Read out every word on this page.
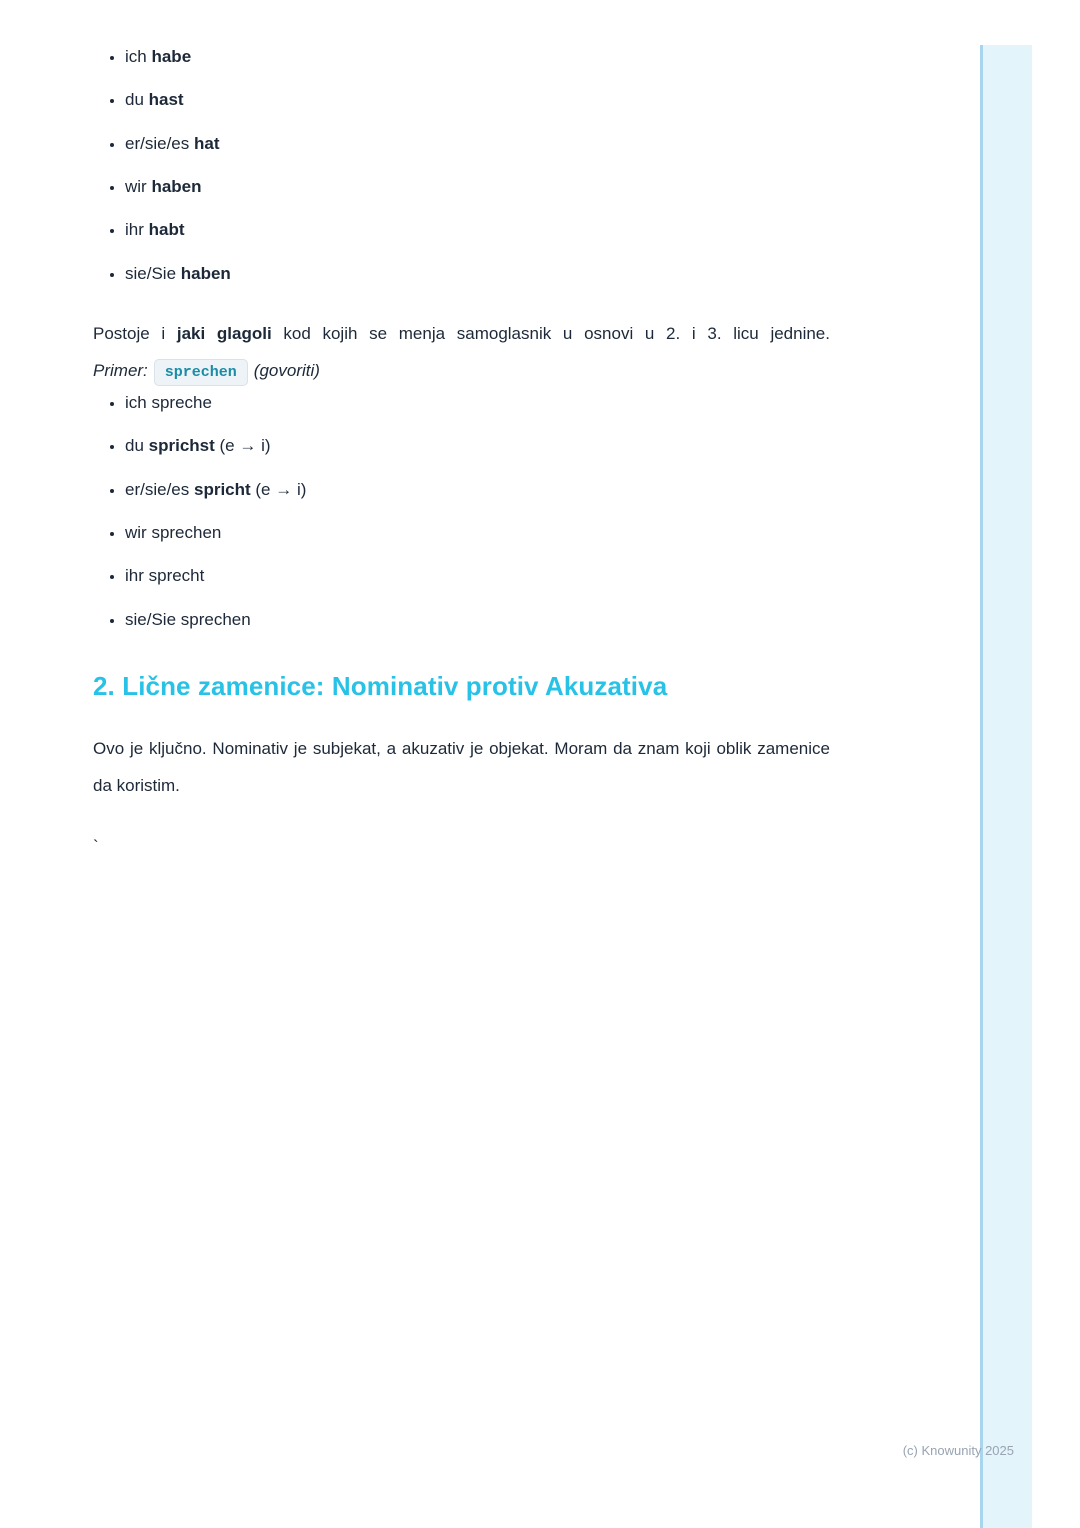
• ich habe
• du hast
• er/sie/es hat
• wir haben
• ihr habt
• sie/Sie haben

Postoje i jaki glagoli kod kojih se menja samoglasnik u osnovi u 2. i 3. licu jednine. Primer: sprechen (govoriti)

• ich spreche
• du sprichst (e → i)
• er/sie/es spricht (e → i)
• wir sprechen
• ihr sprecht
• sie/Sie sprechen
2. Lične zamenice: Nominativ protiv Akuzativa

Ovo je ključno. Nominativ je subjekat, a akuzativ je objekat. Moram da znam koji oblik zamenice da koristim.

`

(c) Knowunity 2025
